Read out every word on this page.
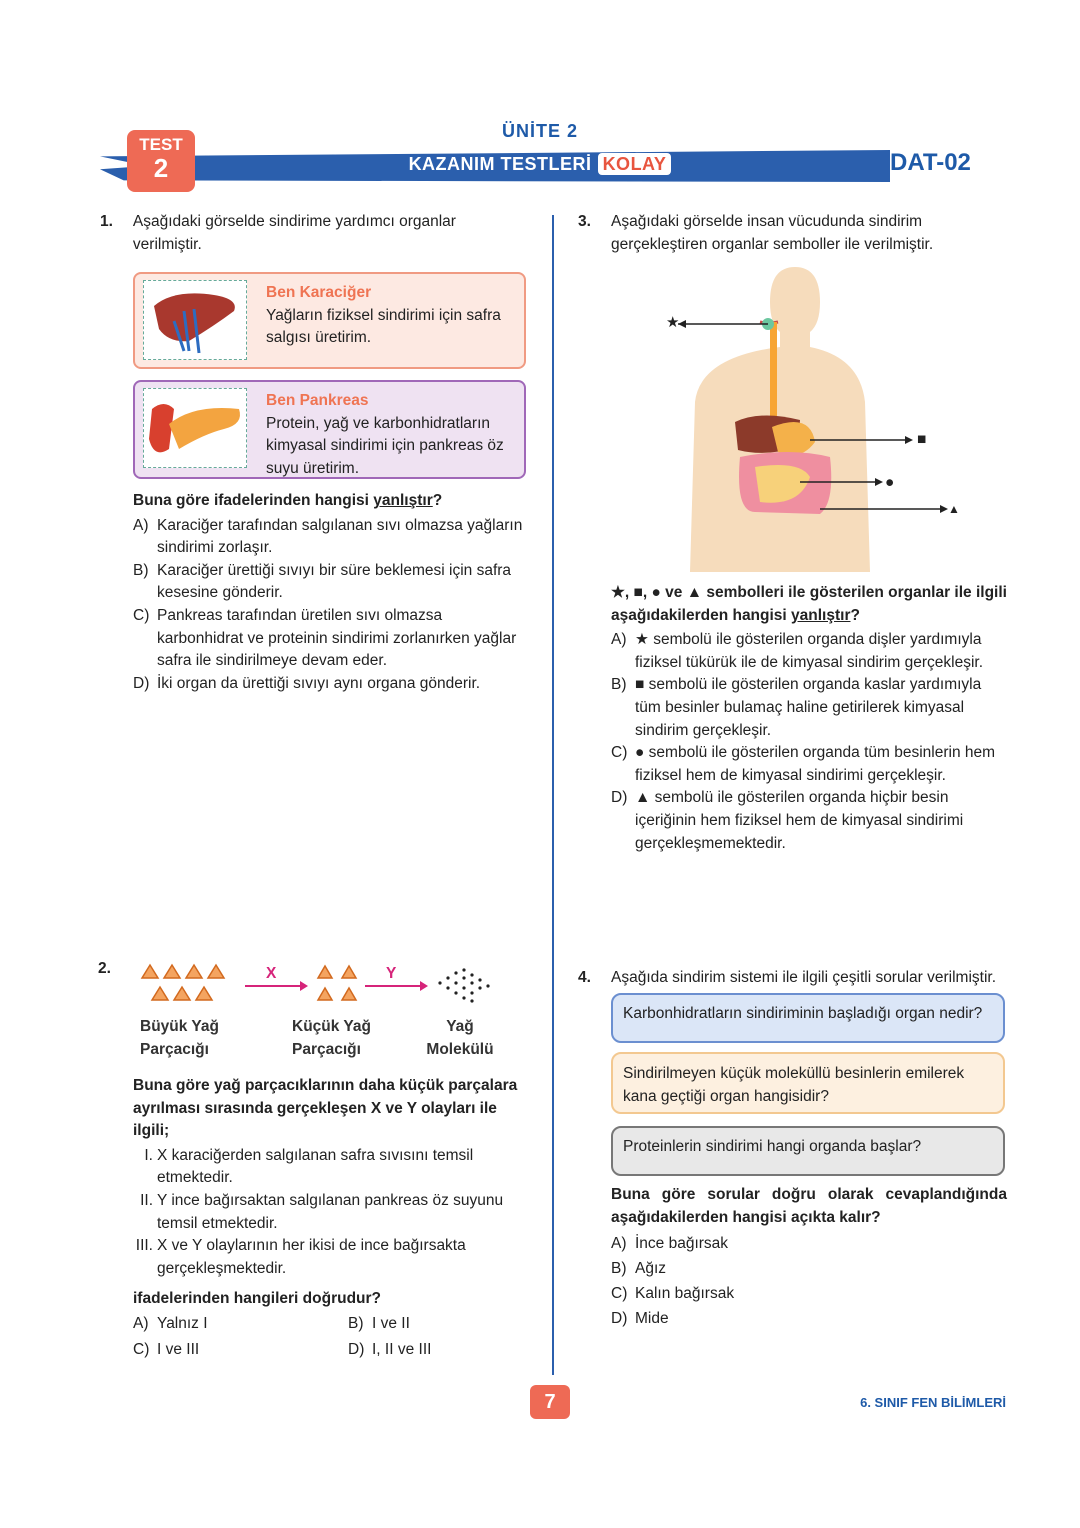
ÜNİTE 2
KAZANIM TESTLERİ KOLAY
TEST
2	DAT-02
1.	Aşağıdaki görselde sindirime yardımcı organlar verilmiştir.
Ben Karaciğer
Yağların fiziksel sindirimi için safra salgısı üretirim.
Ben Pankreas
Protein, yağ ve karbonhidratların kimyasal sindirimi için pankreas öz suyu üretirim.
Buna göre ifadelerinden hangisi yanlıştır?
A) Karaciğer tarafından salgılanan sıvı olmazsa yağların sindirimi zorlaşır.
B) Karaciğer ürettiği sıvıyı bir süre beklemesi için safra kesesine gönderir.
C) Pankreas tarafından üretilen sıvı olmazsa karbonhidrat ve proteinin sindirimi zorlanırken yağlar safra ile sindirilmeye devam eder.
D) İki organ da ürettiği sıvıyı aynı organa gönderir.
2.	X	Y
Büyük Yağ Parçacığı
Küçük Yağ Parçacığı
Yağ Molekülü
Buna göre yağ parçacıklarının daha küçük parçalara ayrılması sırasında gerçekleşen X ve Y olayları ile ilgili;
I. X karaciğerden salgılanan safra sıvısını temsil etmektedir.
II. Y ince bağırsaktan salgılanan pankreas öz suyunu temsil etmektedir.
III. X ve Y olaylarının her ikisi de ince bağırsakta gerçekleşmektedir.
ifadelerinden hangileri doğrudur?
A) Yalnız I	B) I ve II
C) I ve III	D) I, II ve III
3.	Aşağıdaki görselde insan vücudunda sindirim gerçekleştiren organlar semboller ile verilmiştir.
★
■
●
▲
★, ■, ● ve ▲ sembolleri ile gösterilen organlar ile ilgili aşağıdakilerden hangisi yanlıştır?
A) ★ sembolü ile gösterilen organda dişler yardımıyla fiziksel tükürük ile de kimyasal sindirim gerçekleşir.
B) ■ sembolü ile gösterilen organda kaslar yardımıyla tüm besinler bulamaç haline getirilerek kimyasal sindirim gerçekleşir.
C) ● sembolü ile gösterilen organda tüm besinlerin hem fiziksel hem de kimyasal sindirimi gerçekleşir.
D) ▲ sembolü ile gösterilen organda hiçbir besin içeriğinin hem fiziksel hem de kimyasal sindirimi gerçekleşmemektedir.
4.	Aşağıda sindirim sistemi ile ilgili çeşitli sorular verilmiştir.
Karbonhidratların sindiriminin başladığı organ nedir?
Sindirilmeyen küçük moleküllü besinlerin emilerek kana geçtiği organ hangisidir?
Proteinlerin sindirimi hangi organda başlar?
Buna göre sorular doğru olarak cevaplandığında aşağıdakilerden hangisi açıkta kalır?
A) İnce bağırsak
B) Ağız
C) Kalın bağırsak
D) Mide
7	6. SINIF FEN BİLİMLERİ
